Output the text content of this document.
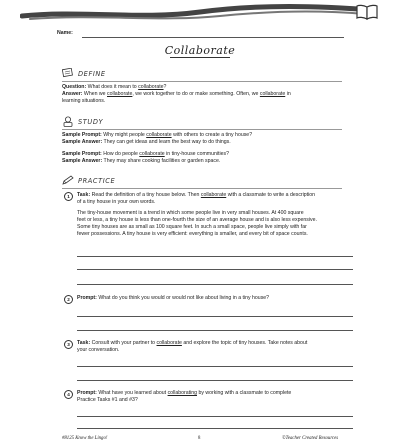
Name:
Collaborate
DEFINE
Question: What does it mean to collaborate?
Answer: When we collaborate, we work together to do or make something. Often, we collaborate in
learning situations.
STUDY
Sample Prompt: Why might people collaborate with others to create a tiny house?
Sample Answer: They can get ideas and learn the best way to do things.
Sample Prompt: How do people collaborate in tiny-house communities?
Sample Answer: They may share cooking facilities or garden space.
PRACTICE
1	Task: Read the definition of a tiny house below. Then collaborate with a classmate to write a description
of a tiny house in your own words.
The tiny-house movement is a trend in which some people live in very small houses. At 400 square
feet or less, a tiny house is less than one-fourth the size of an average house and is also less expensive.
Some tiny houses are as small as 100 square feet. In such a small space, people live simply with far
fewer possessions. A tiny house is very efficient: everything is smaller, and every bit of space counts.
2	Prompt: What do you think you would or would not like about living in a tiny house?
3	Task: Consult with your partner to collaborate and explore the topic of tiny houses. Take notes about
your conversation.
4	Prompt: What have you learned about collaborating by working with a classmate to complete
Practice Tasks #1 and #3?
#8125 Know the Lingo!	8	©Teacher Created Resources
